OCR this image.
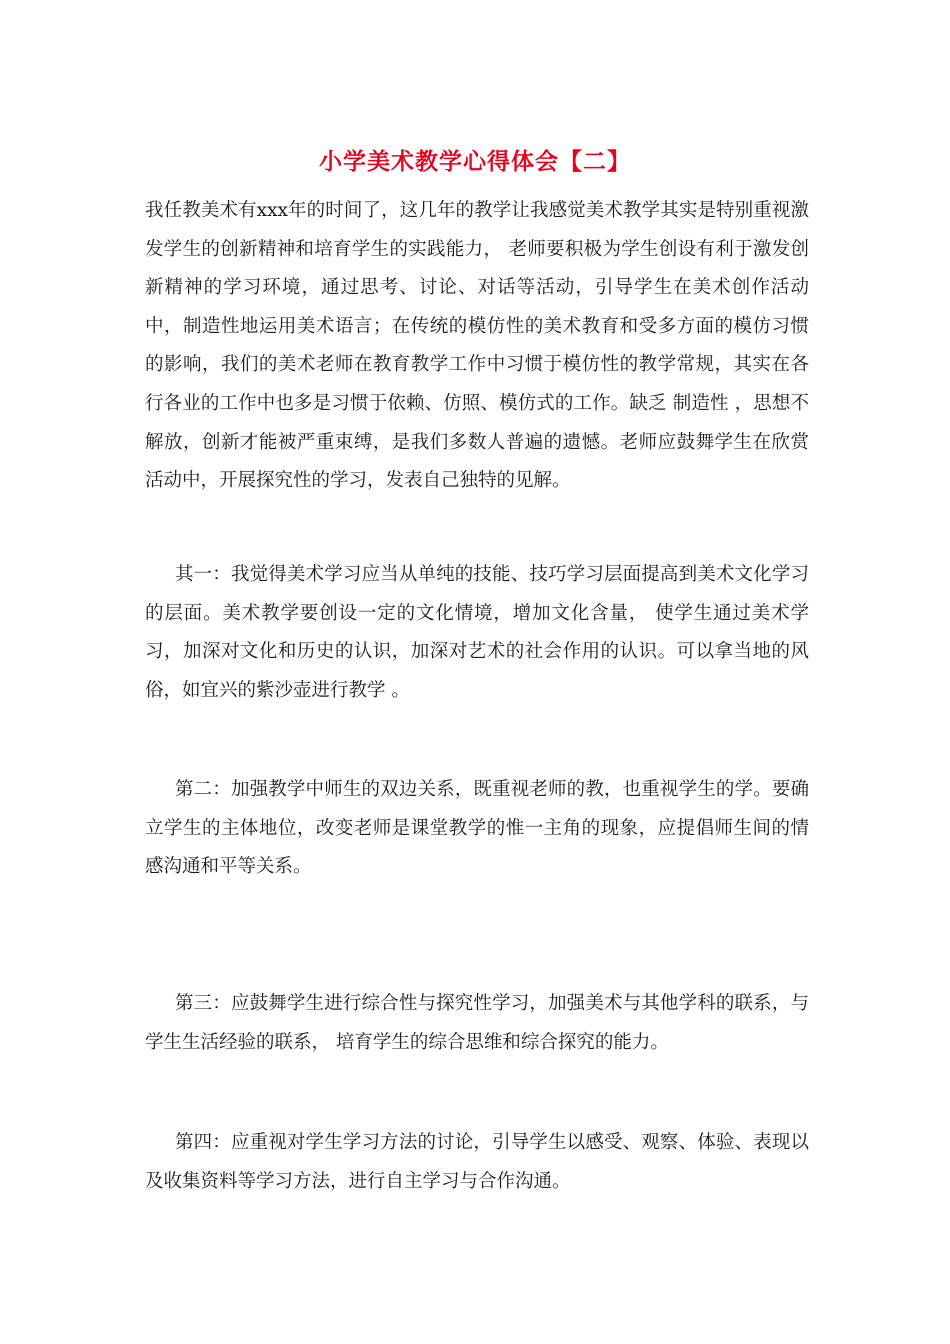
小学美术教学心得体会【二】
我任教美术有xxx年的时间了，这几年的教学让我感觉美术教学其实是特别重视激发学生的创新精神和培育学生的实践能力， 老师要积极为学生创设有利于激发创新精神的学习环境，通过思考、讨论、对话等活动，引导学生在美术创作活动中，制造性地运用美术语言；在传统的模仿性的美术教育和受多方面的模仿习惯的影响，我们的美术老师在教育教学工作中习惯于模仿性的教学常规，其实在各行各业的工作中也多是习惯于依赖、仿照、模仿式的工作。缺乏 制造性 ，思想不解放，创新才能被严重束缚，是我们多数人普遍的遗憾。老师应鼓舞学生在欣赏活动中，开展探究性的学习，发表自己独特的见解。
其一：我觉得美术学习应当从单纯的技能、技巧学习层面提高到美术文化学习的层面。美术教学要创设一定的文化情境，增加文化含量， 使学生通过美术学习，加深对文化和历史的认识，加深对艺术的社会作用的认识。可以拿当地的风俗，如宜兴的紫沙壶进行教学 。
第二：加强教学中师生的双边关系，既重视老师的教，也重视学生的学。要确立学生的主体地位，改变老师是课堂教学的惟一主角的现象，应提倡师生间的情感沟通和平等关系。
第三：应鼓舞学生进行综合性与探究性学习，加强美术与其他学科的联系，与学生生活经验的联系， 培育学生的综合思维和综合探究的能力。
第四：应重视对学生学习方法的讨论，引导学生以感受、观察、体验、表现以及收集资料等学习方法，进行自主学习与合作沟通。
